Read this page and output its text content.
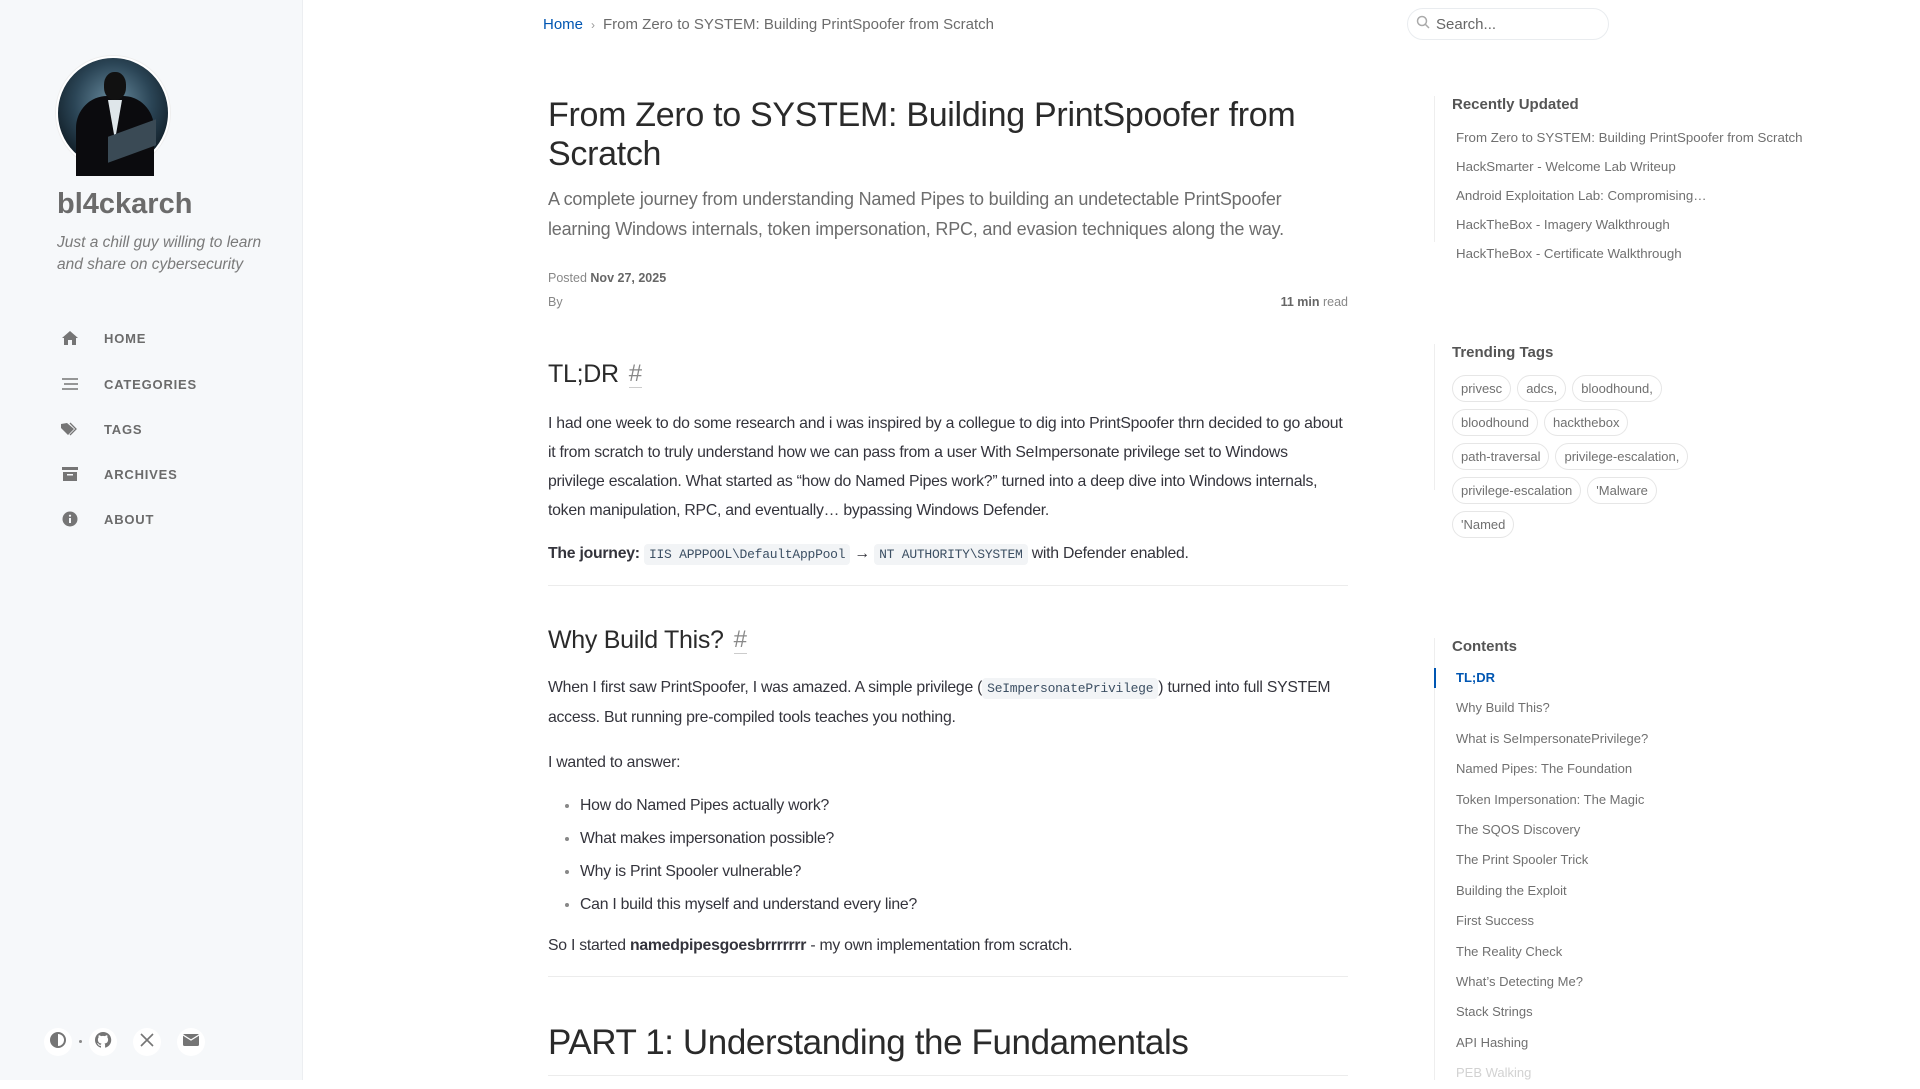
bl4ckarch
Just a chill guy willing to learn and share on cybersecurity
HOME
CATEGORIES
TAGS
ARCHIVES
ABOUT
Home › From Zero to SYSTEM: Building PrintSpoofer from Scratch
Search...
From Zero to SYSTEM: Building PrintSpoofer from Scratch
A complete journey from understanding Named Pipes to building an undetectable PrintSpoofer learning Windows internals, token impersonation, RPC, and evasion techniques along the way.
Posted Nov 27, 2025
By	11 min read
TL;DR #

I had one week to do some research and i was inspired by a collegue to dig into PrintSpoofer thrn decided to go about it from scratch to truly understand how we can pass from a user With SeImpersonate privilege set to Windows privilege escalation. What started as “how do Named Pipes work?” turned into a deep dive into Windows internals, token manipulation, RPC, and eventually… bypassing Windows Defender.

The journey: IIS APPPOOL\DefaultAppPool → NT AUTHORITY\SYSTEM with Defender enabled.

Why Build This? #

When I first saw PrintSpoofer, I was amazed. A simple privilege ( SeImpersonatePrivilege ) turned into full SYSTEM access. But running pre-compiled tools teaches you nothing.

I wanted to answer:

• How do Named Pipes actually work?
• What makes impersonation possible?
• Why is Print Spooler vulnerable?
• Can I build this myself and understand every line?

So I started namedpipesgoesbrrrrrrr - my own implementation from scratch.

PART 1: Understanding the Fundamentals
Recently Updated
From Zero to SYSTEM: Building PrintSpoofer from Scratch
HackSmarter - Welcome Lab Writeup
Android Exploitation Lab: Compromising…
HackTheBox - Imagery Walkthrough
HackTheBox - Certificate Walkthrough
Trending Tags
privesc	adcs,	bloodhound,
bloodhound	hackthebox
path-traversal	privilege-escalation,
privilege-escalation	'Malware
'Named
Contents
TL;DR
Why Build This?
What is SeImpersonatePrivilege?
Named Pipes: The Foundation
Token Impersonation: The Magic
The SQOS Discovery
The Print Spooler Trick
Building the Exploit
First Success
The Reality Check
What’s Detecting Me?
Stack Strings
API Hashing
PEB Walking
